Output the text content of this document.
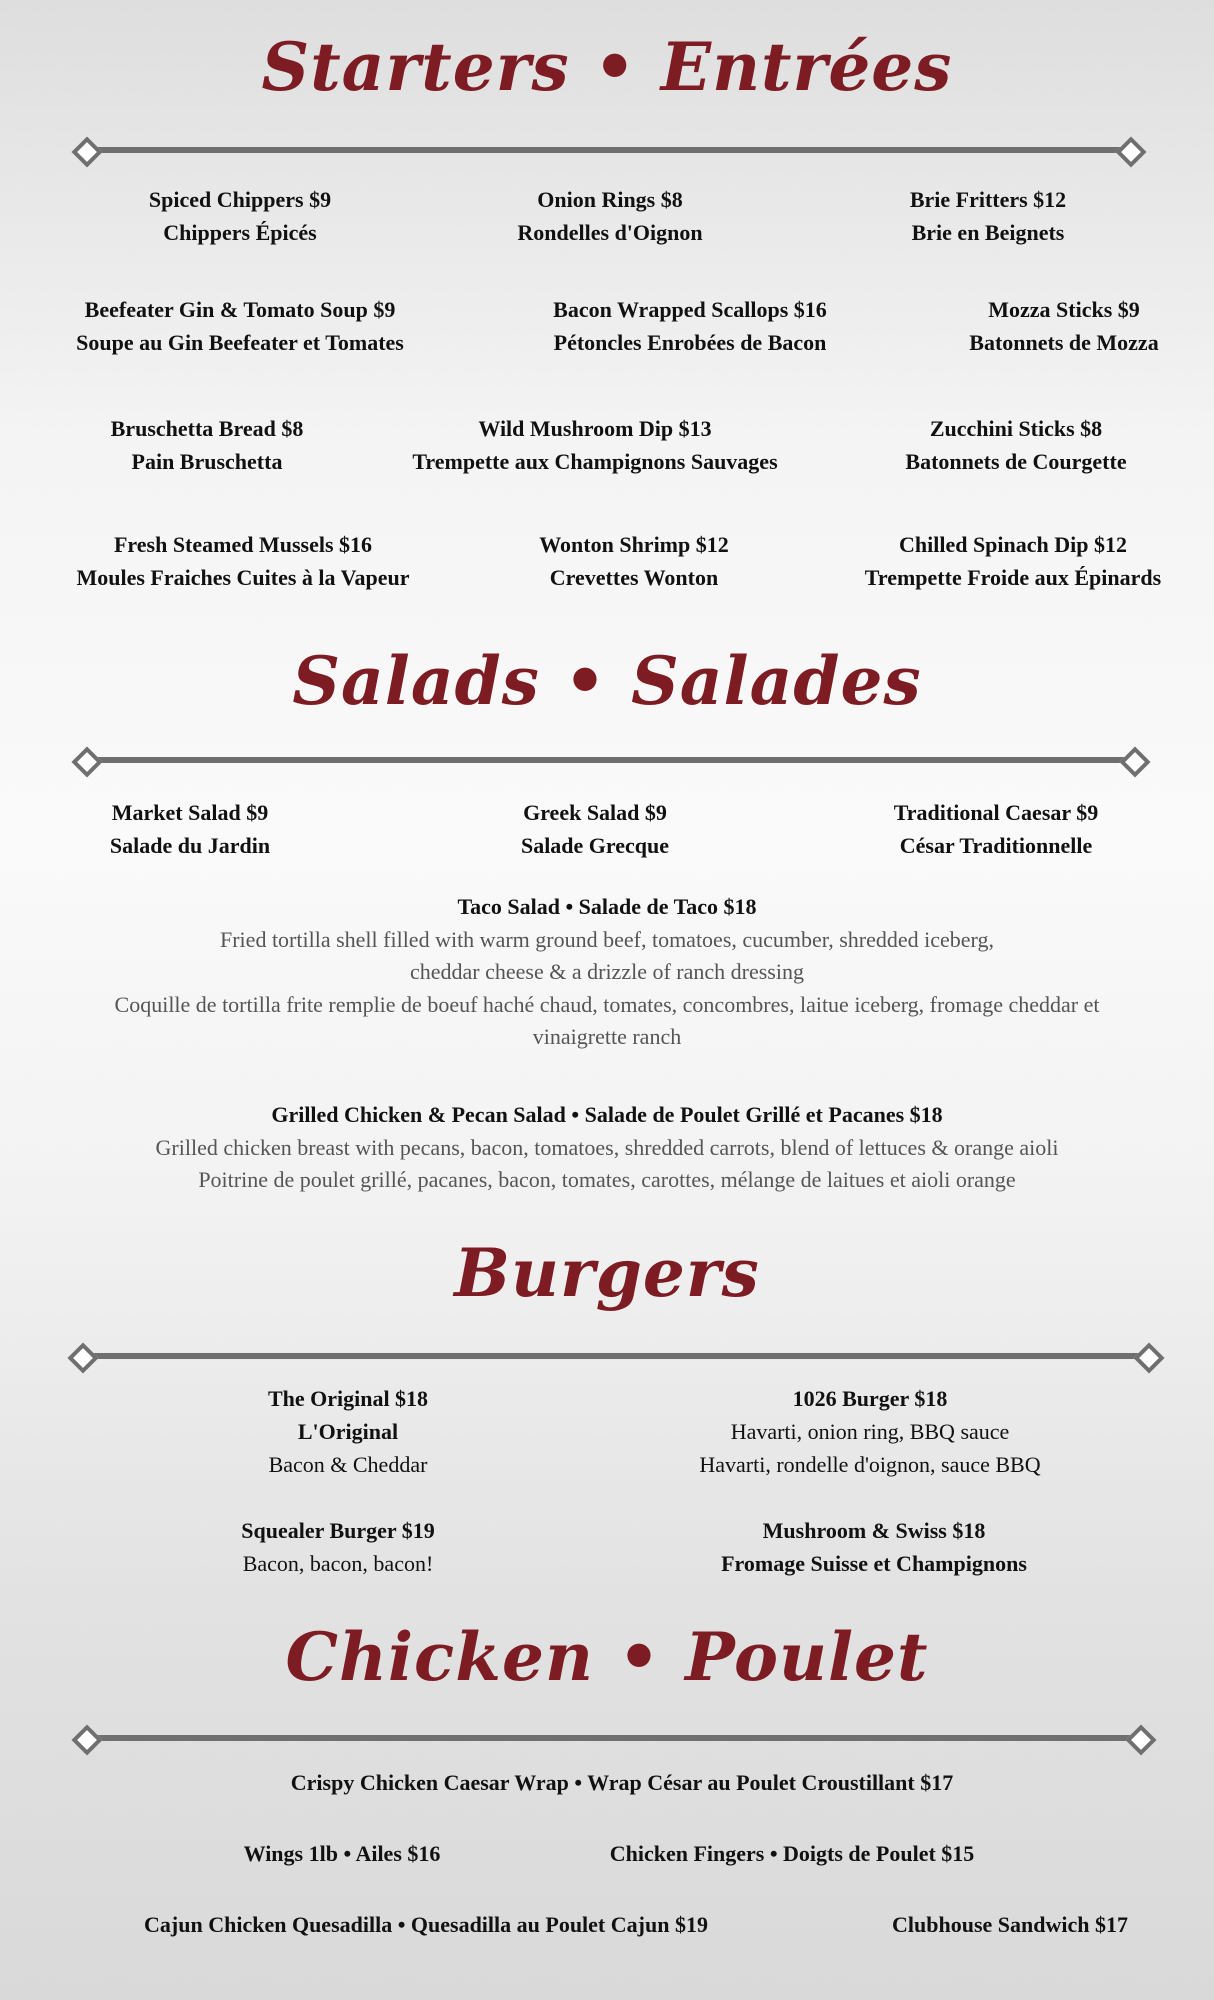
Starters • Entrées
Spiced Chippers $9
Chippers Épicés
Onion Rings $8
Rondelles d'Oignon
Brie Fritters $12
Brie en Beignets
Beefeater Gin & Tomato Soup $9
Soupe au Gin Beefeater et Tomates
Bacon Wrapped Scallops $16
Pétoncles Enrobées de Bacon
Mozza Sticks $9
Batonnets de Mozza
Bruschetta Bread $8
Pain Bruschetta
Wild Mushroom Dip $13
Trempette aux Champignons Sauvages
Zucchini Sticks $8
Batonnets de Courgette
Fresh Steamed Mussels $16
Moules Fraiches Cuites à la Vapeur
Wonton Shrimp $12
Crevettes Wonton
Chilled Spinach Dip $12
Trempette Froide aux Épinards
Salads • Salades
Market Salad $9
Salade du Jardin
Greek Salad $9
Salade Grecque
Traditional Caesar $9
César Traditionnelle
Taco Salad • Salade de Taco $18
Fried tortilla shell filled with warm ground beef, tomatoes, cucumber, shredded iceberg,
cheddar cheese & a drizzle of ranch dressing
Coquille de tortilla frite remplie de boeuf haché chaud, tomates, concombres, laitue iceberg, fromage cheddar et
vinaigrette ranch
Grilled Chicken & Pecan Salad • Salade de Poulet Grillé et Pacanes $18
Grilled chicken breast with pecans, bacon, tomatoes, shredded carrots, blend of lettuces & orange aioli
Poitrine de poulet grillé, pacanes, bacon, tomates, carottes, mélange de laitues et aioli orange
Burgers
The Original $18
L'Original
Bacon & Cheddar
1026 Burger $18
Havarti, onion ring, BBQ sauce
Havarti, rondelle d'oignon, sauce BBQ
Squealer Burger $19
Bacon, bacon, bacon!
Mushroom & Swiss $18
Fromage Suisse et Champignons
Chicken • Poulet
Crispy Chicken Caesar Wrap • Wrap César au Poulet Croustillant $17
Wings 1lb • Ailes $16	Chicken Fingers • Doigts de Poulet $15
Cajun Chicken Quesadilla • Quesadilla au Poulet Cajun $19	Clubhouse Sandwich $17
